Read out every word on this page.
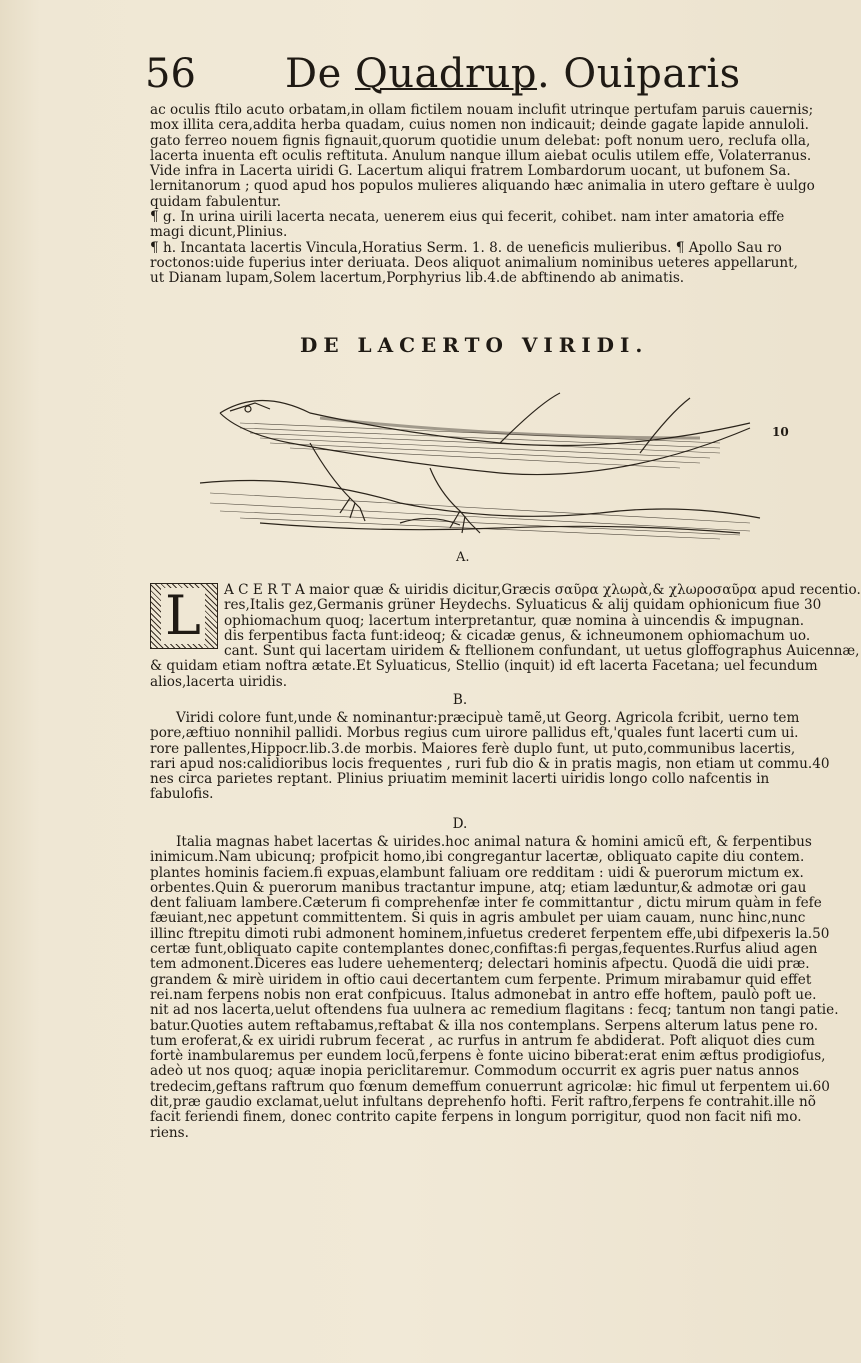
56 De Quadrup. Ouiparis
ac oculis ftilo acuto orbatam,in ollam fictilem nouam inclufit utrinque pertufam paruis cauernis;
mox illita cera,addita herba quadam, cuius nomen non indicauit; deinde gagate lapide annuloli.
gato ferreo nouem fignis fignauit,quorum quotidie unum delebat: poft nonum uero, reclufa olla,
lacerta inuenta eft oculis reftituta. Anulum nanque illum aiebat oculis utilem effe, Volaterranus.
Vide infra in Lacerta uiridi G. Lacertum aliqui fratrem Lombardorum uocant, ut bufonem Sa.
lernitanorum ; quod apud hos populos mulieres aliquando hæc animalia in utero geftare è uulgo
quidam fabulentur.
¶ g. In urina uirili lacerta necata, uenerem eius qui fecerit, cohibet. nam inter amatoria effe
magi dicunt,Plinius.
¶ h. Incantata lacertis Vincula,Horatius Serm. 1. 8. de ueneficis mulieribus. ¶ Apollo Sau ro
roctonos:uide fuperius inter deriuata. Deos aliquot animalium nominibus ueteres appellarunt,
ut Dianam lupam,Solem lacertum,Porphyrius lib.4.de abftinendo ab animatis.
DE LACERTO VIRIDI.
10
A.
L	A C E R T A maior quæ & uiridis dicitur,Græcis σαῦρα χλωρὰ,& χλωροσαῦρα apud recentio.
res,Italis gez,Germanis grüner Heydechs. Syluaticus & alij quidam ophionicum fiue 30
ophiomachum quoq; lacertum interpretantur, quæ nomina à uincendis & impugnan.
dis ferpentibus facta funt:ideoq; & cicadæ genus, & ichneumonem ophiomachum uo.
cant. Sunt qui lacertam uiridem & ftellionem confundant, ut uetus gloffographus Auicennæ,
& quidam etiam noftra ætate.Et Syluaticus, Stellio (inquit) id eft lacerta Facetana; uel fecundum
alios,lacerta uiridis.
B.
Viridi colore funt,unde & nominantur:præcipuè tamẽ,ut Georg. Agricola fcribit, uerno tem
pore,æftiuo nonnihil pallidi. Morbus regius cum uirore pallidus eft,'quales funt lacerti cum ui.
rore pallentes,Hippocr.lib.3.de morbis. Maiores ferè duplo funt, ut puto,communibus lacertis,
rari apud nos:calidioribus locis frequentes , ruri fub dio & in pratis magis, non etiam ut commu.40
nes circa parietes reptant. Plinius priuatim meminit lacerti uiridis longo collo nafcentis in
fabulofis.
D.
Italia magnas habet lacertas & uirides.hoc animal natura & homini amicũ eft, & ferpentibus
inimicum.Nam ubicunq; profpicit homo,ibi congregantur lacertæ, obliquato capite diu contem.
plantes hominis faciem.fi expuas,elambunt faliuam ore redditam : uidi & puerorum mictum ex.
orbentes.Quin & puerorum manibus tractantur impune, atq; etiam læduntur,& admotæ ori gau
dent faliuam lambere.Cæterum fi comprehenfæ inter fe committantur , dictu mirum quàm in fefe
fæuiant,nec appetunt committentem. Si quis in agris ambulet per uiam cauam, nunc hinc,nunc
illinc ftrepitu dimoti rubi admonent hominem,infuetus crederet ferpentem effe,ubi difpexeris la.50
certæ funt,obliquato capite contemplantes donec,confiftas:fi pergas,fequentes.Rurfus aliud agen
tem admonent.Diceres eas ludere uehementerq; delectari hominis afpectu. Quodã die uidi præ.
grandem & mirè uiridem in oftio caui decertantem cum ferpente. Primum mirabamur quid effet
rei.nam ferpens nobis non erat confpicuus. Italus admonebat in antro effe hoftem, paulò poft ue.
nit ad nos lacerta,uelut oftendens fua uulnera ac remedium flagitans : fecq; tantum non tangi patie.
batur.Quoties autem reftabamus,reftabat & illa nos contemplans. Serpens alterum latus pene ro.
tum eroferat,& ex uiridi rubrum fecerat , ac rurfus in antrum fe abdiderat. Poft aliquot dies cum
fortè inambularemus per eundem locũ,ferpens è fonte uicino biberat:erat enim æftus prodigiofus,
adeò ut nos quoq; aquæ inopia periclitaremur. Commodum occurrit ex agris puer natus annos
tredecim,geftans raftrum quo fœnum demeffum conuerrunt agricolæ: hic fimul ut ferpentem ui.60
dit,præ gaudio exclamat,uelut infultans deprehenfo hofti. Ferit raftro,ferpens fe contrahit.ille nõ
facit feriendi finem, donec contrito capite ferpens in longum porrigitur, quod non facit nifi mo.
riens.
